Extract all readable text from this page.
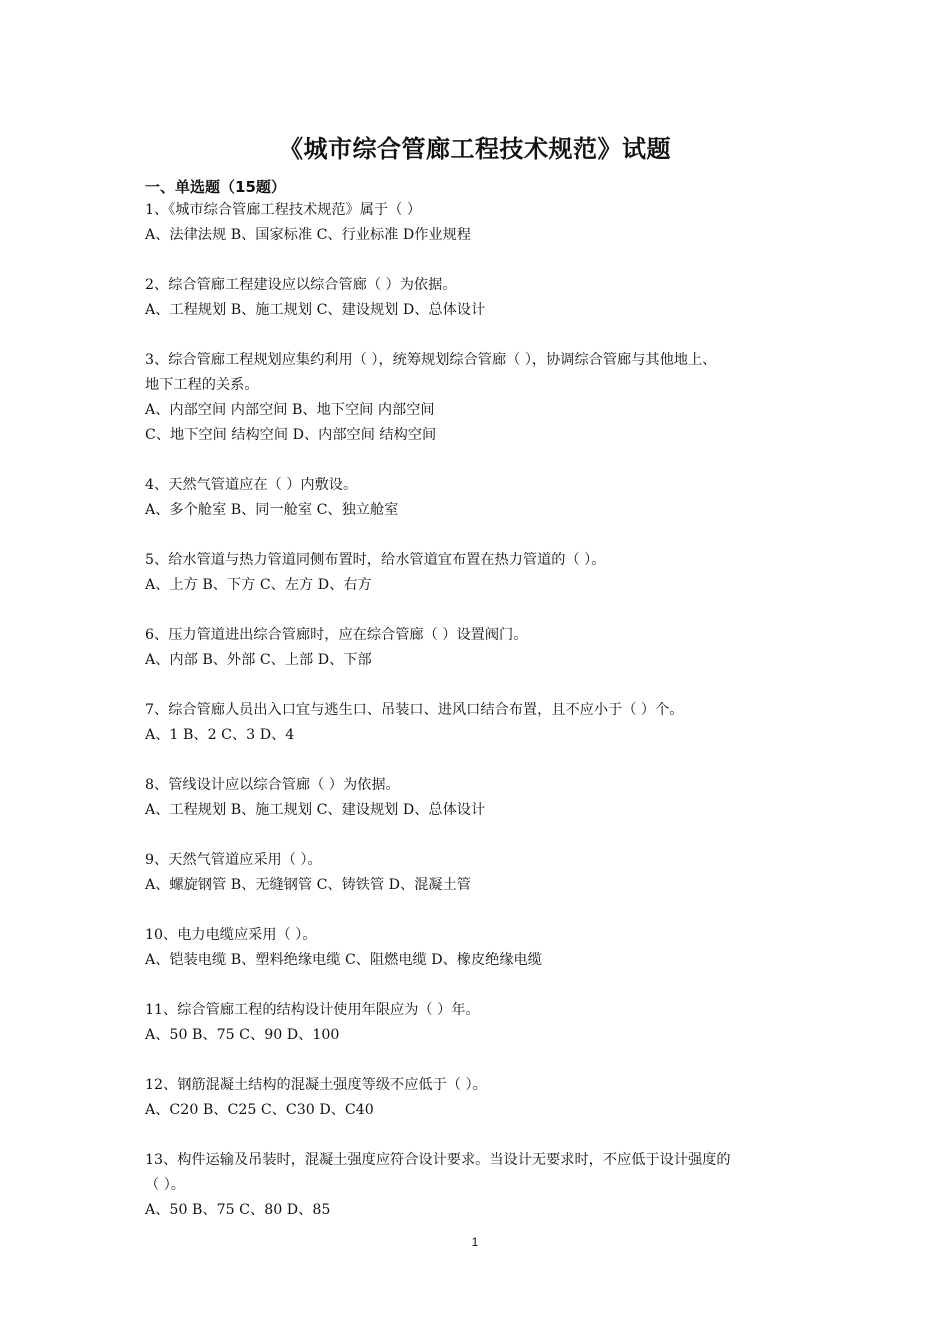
《城市综合管廊工程技术规范》试题
一、单选题（15题）
1、《城市综合管廊工程技术规范》属于（ ）
A、法律法规 B、国家标准 C、行业标准 D作业规程
2、综合管廊工程建设应以综合管廊（ ）为依据。
A、工程规划 B、施工规划 C、建设规划 D、总体设计
3、综合管廊工程规划应集约利用（ ），统筹规划综合管廊（ ），协调综合管廊与其他地上、
地下工程的关系。
A、内部空间 内部空间 B、地下空间 内部空间
C、地下空间 结构空间 D、内部空间 结构空间
4、天然气管道应在（ ）内敷设。
A、多个舱室 B、同一舱室 C、独立舱室
5、给水管道与热力管道同侧布置时，给水管道宜布置在热力管道的（ ）。
A、上方 B、下方 C、左方 D、右方
6、压力管道进出综合管廊时，应在综合管廊（ ）设置阀门。
A、内部 B、外部 C、上部 D、下部
7、综合管廊人员出入口宜与逃生口、吊装口、进风口结合布置，且不应小于（ ）个。
A、1 B、2 C、3 D、4
8、管线设计应以综合管廊（ ）为依据。
A、工程规划 B、施工规划 C、建设规划 D、总体设计
9、天然气管道应采用（ ）。
A、螺旋钢管 B、无缝钢管 C、铸铁管 D、混凝土管
10、电力电缆应采用（ ）。
A、铠装电缆 B、塑料绝缘电缆 C、阻燃电缆 D、橡皮绝缘电缆
11、综合管廊工程的结构设计使用年限应为（ ）年。
A、50 B、75 C、90 D、100
12、钢筋混凝土结构的混凝土强度等级不应低于（ ）。
A、C20 B、C25 C、C30 D、C40
13、构件运输及吊装时，混凝土强度应符合设计要求。当设计无要求时，不应低于设计强度的
（ ）。
A、50 B、75 C、80 D、85
1
